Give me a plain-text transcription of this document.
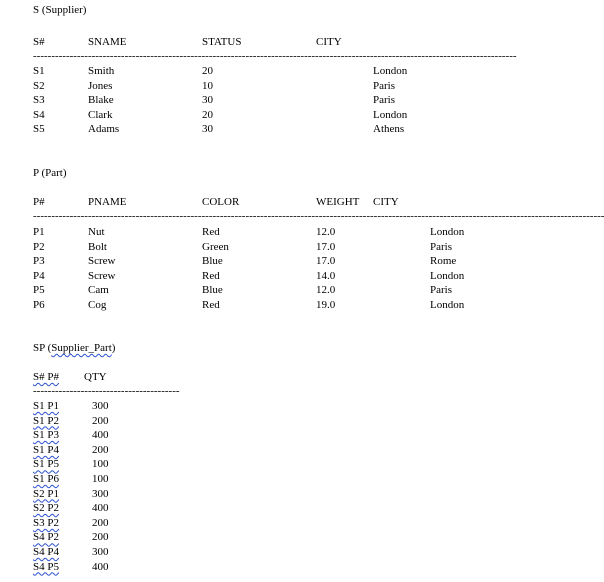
S (Supplier)
S#	SNAME	STATUS	CITY
------------------------------------------------------------------------------------------------------------------------------------
S1	Smith	20	London
S2	Jones	10	Paris
S3	Blake	30	Paris
S4	Clark	20	London
S5	Adams	30	Athens
P (Part)
P#	PNAME	COLOR	WEIGHT CITY
------------------------------------------------------------------------------------------------------------------------------------------------------------
P1	Nut	Red	12.0	London
P2	Bolt	Green	17.0	Paris
P3	Screw	Blue	17.0	Rome
P4	Screw	Red	14.0	London
P5	Cam	Blue	12.0	Paris
P6	Cog	Red	19.0	London
SP (Supplier_Part)
S# P# QTY
----------------------------------------
S1 P1	300
S1 P2	200
S1 P3	400
S1 P4	200
S1 P5	100
S1 P6	100
S2 P1	300
S2 P2	400
S3 P2	200
S4 P2	200
S4 P4	300
S4 P5	400
